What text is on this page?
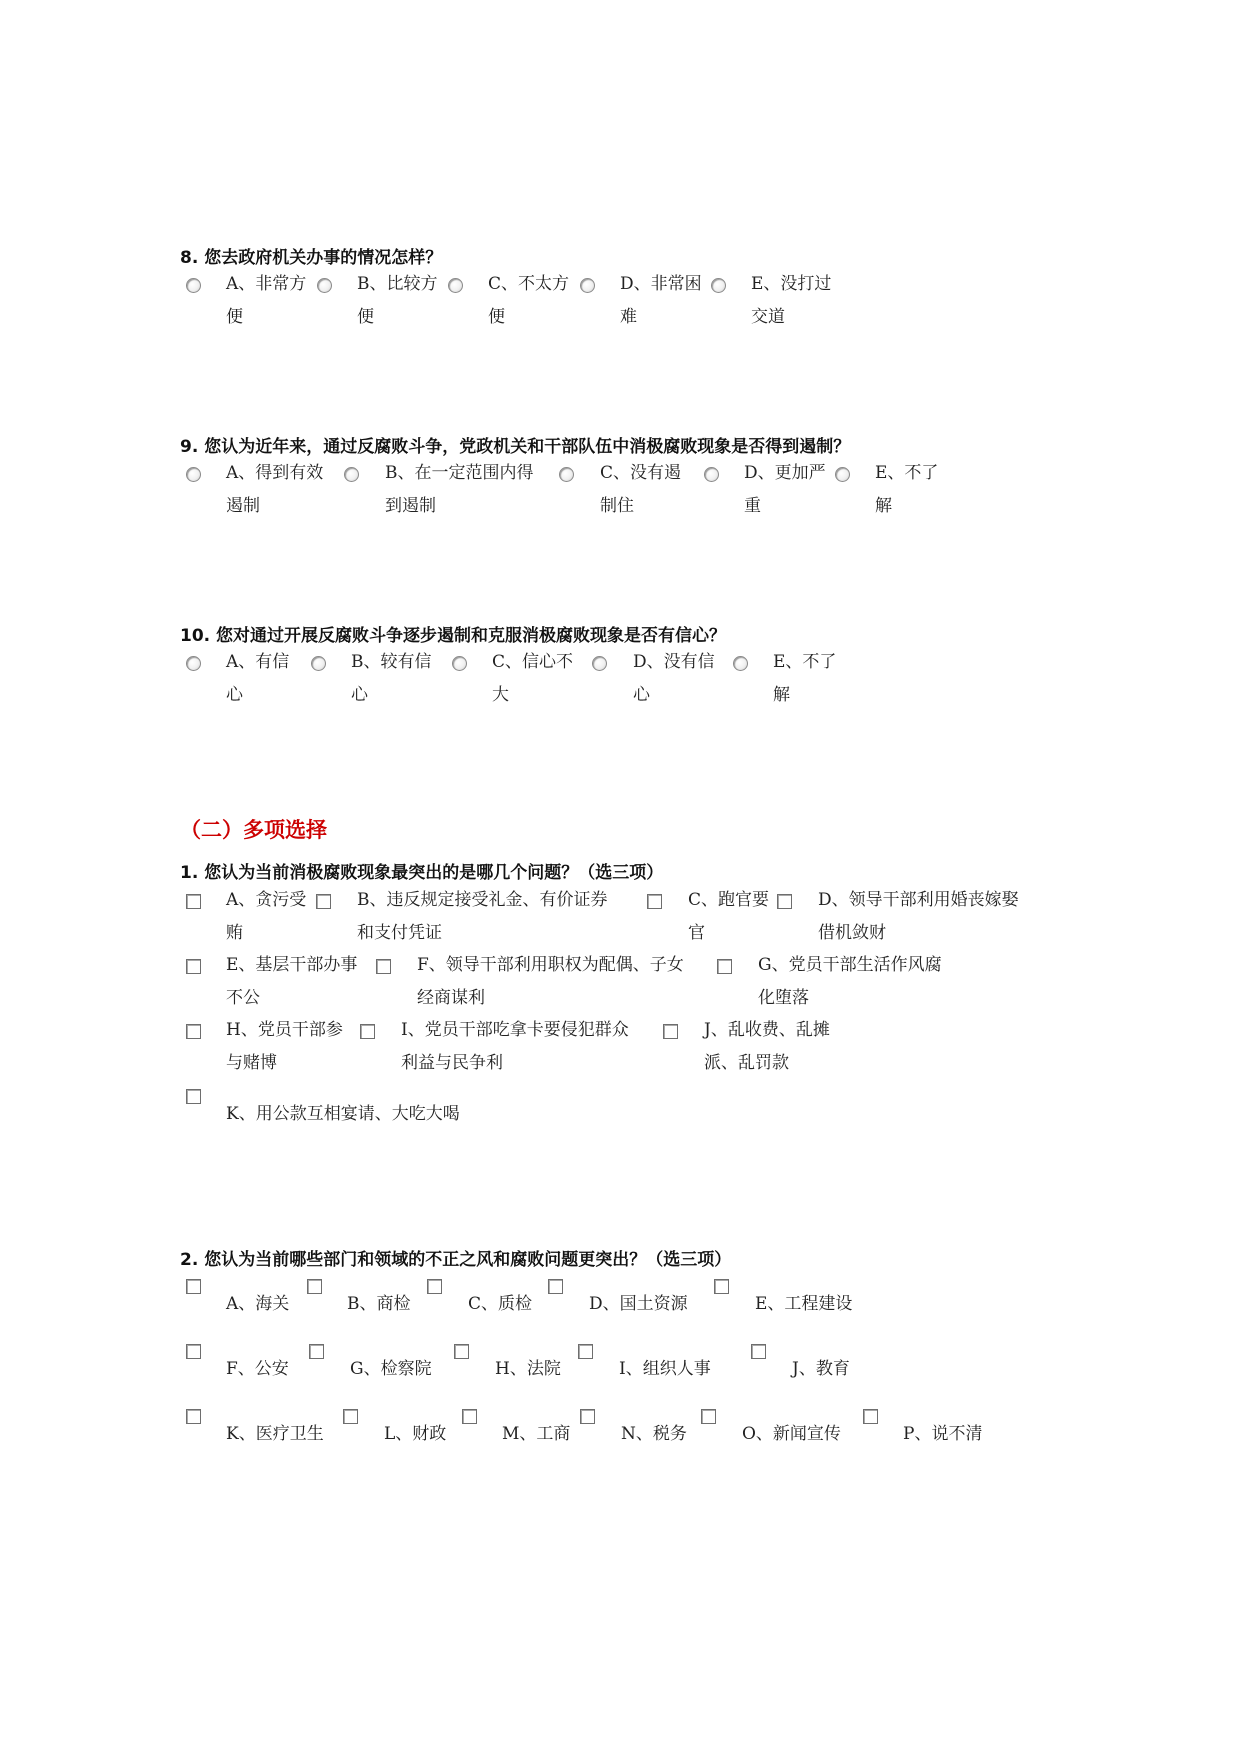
8. 您去政府机关办事的情况怎样？
A、非常方
便
B、比较方
便
C、不太方
便
D、非常困
难
E、没打过
交道
9. 您认为近年来，通过反腐败斗争，党政机关和干部队伍中消极腐败现象是否得到遏制？
A、得到有效
遏制
B、在一定范围内得
到遏制
C、没有遏
制住
D、更加严
重
E、不了
解
10. 您对通过开展反腐败斗争逐步遏制和克服消极腐败现象是否有信心？
A、有信
心
B、较有信
心
C、信心不
大
D、没有信
心
E、不了
解
（二）多项选择
1. 您认为当前消极腐败现象最突出的是哪几个问题？（选三项）
A、贪污受
贿
B、违反规定接受礼金、有价证券
和支付凭证
C、跑官要
官
D、领导干部利用婚丧嫁娶
借机敛财
E、基层干部办事
不公
F、领导干部利用职权为配偶、子女
经商谋利
G、党员干部生活作风腐
化堕落
H、党员干部参
与赌博
I、党员干部吃拿卡要侵犯群众
利益与民争利
J、乱收费、乱摊
派、乱罚款
K、用公款互相宴请、大吃大喝
2. 您认为当前哪些部门和领域的不正之风和腐败问题更突出？（选三项）
A、海关	B、商检	C、质检	D、国土资源	E、工程建设
F、公安	G、检察院	H、法院	I、组织人事	J、教育
K、医疗卫生	L、财政	M、工商	N、税务	O、新闻宣传	P、说不清
